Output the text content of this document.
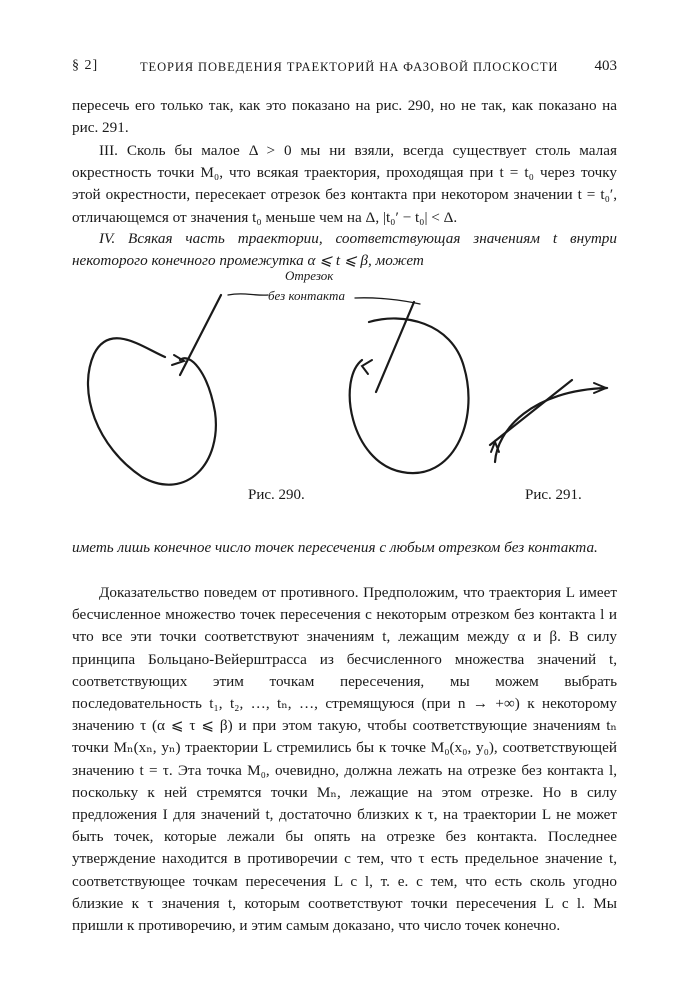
§ 2]	ТЕОРИЯ ПОВЕДЕНИЯ ТРАЕКТОРИЙ НА ФАЗОВОЙ ПЛОСКОСТИ 403

пересечь его только так, как это показано на рис. 290, но не так, как показано на рис. 291.

III. Сколь бы малое Δ > 0 мы ни взяли, всегда существует столь малая окрестность точки M₀, что всякая траектория, проходящая при t = t₀ через точку этой окрестности, пересекает отрезок без контакта при некотором значении t = t₀′, отличающемся от значения t₀ меньше чем на Δ, |t₀′ − t₀| < Δ.

IV. Всякая часть траектории, соответствующая значениям t внутри некоторого конечного промежутка α ⩽ t ⩽ β, может

Отрезок
без контакта
Рис. 290.	Рис. 291.

иметь лишь конечное число точек пересечения с любым отрезком без контакта.

Доказательство поведем от противного. Предположим, что траектория L имеет бесчисленное множество точек пересечения с некоторым отрезком без контакта l и что все эти точки соответствуют значениям t, лежащим между α и β. В силу принципа Больцано-Вейерштрасса из бесчисленного множества значений t, соответствующих этим точкам пересечения, мы можем выбрать последовательность t₁, t₂, …, tₙ, …, стремящуюся (при n → +∞) к некоторому значению τ (α ⩽ τ ⩽ β) и при этом такую, чтобы соответствующие значениям tₙ точки Mₙ(xₙ, yₙ) траектории L стремились бы к точке M₀(x₀, y₀), соответствующей значению t = τ. Эта точка M₀, очевидно, должна лежать на отрезке без контакта l, поскольку к ней стремятся точки Mₙ, лежащие на этом отрезке. Но в силу предложения I для значений t, достаточно близких к τ, на траектории L не может быть точек, которые лежали бы опять на отрезке без контакта. Последнее утверждение находится в противоречии с тем, что τ есть предельное значение t, соответствующее точкам пересечения L с l, т. е. с тем, что есть сколь угодно близкие к τ значения t, которым соответствуют точки пересечения L с l. Мы пришли к противоречию, и этим самым доказано, что число точек конечно.
